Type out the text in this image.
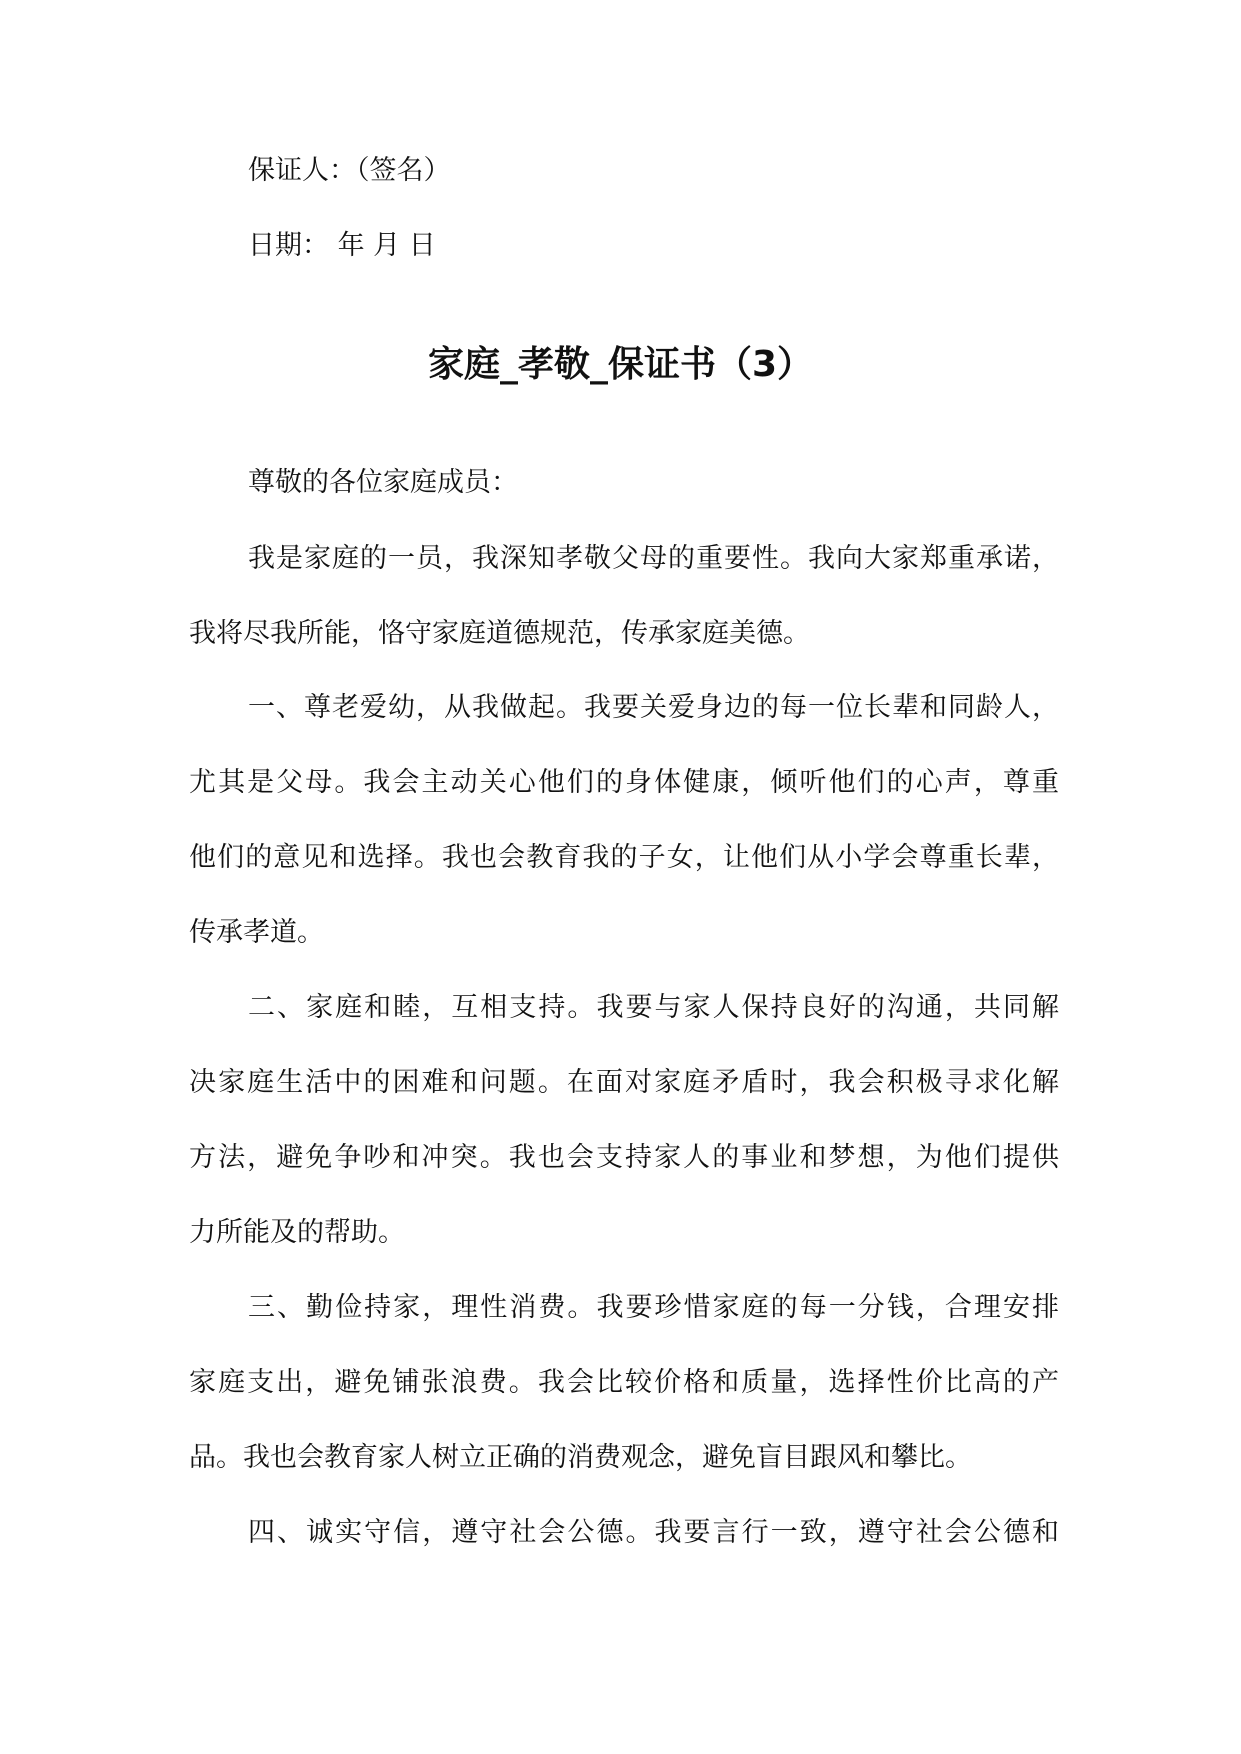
保证人：（签名）
日期： 年 月 日
家庭_孝敬_保证书（3）
尊敬的各位家庭成员：
我是家庭的一员，我深知孝敬父母的重要性。我向大家郑重承诺，
我将尽我所能，恪守家庭道德规范，传承家庭美德。
一、尊老爱幼，从我做起。我要关爱身边的每一位长辈和同龄人，
尤其是父母。我会主动关心他们的身体健康，倾听他们的心声，尊重
他们的意见和选择。我也会教育我的子女，让他们从小学会尊重长辈，
传承孝道。
二、家庭和睦，互相支持。我要与家人保持良好的沟通，共同解
决家庭生活中的困难和问题。在面对家庭矛盾时，我会积极寻求化解
方法，避免争吵和冲突。我也会支持家人的事业和梦想，为他们提供
力所能及的帮助。
三、勤俭持家，理性消费。我要珍惜家庭的每一分钱，合理安排
家庭支出，避免铺张浪费。我会比较价格和质量，选择性价比高的产
品。我也会教育家人树立正确的消费观念，避免盲目跟风和攀比。
四、诚实守信，遵守社会公德。我要言行一致，遵守社会公德和
